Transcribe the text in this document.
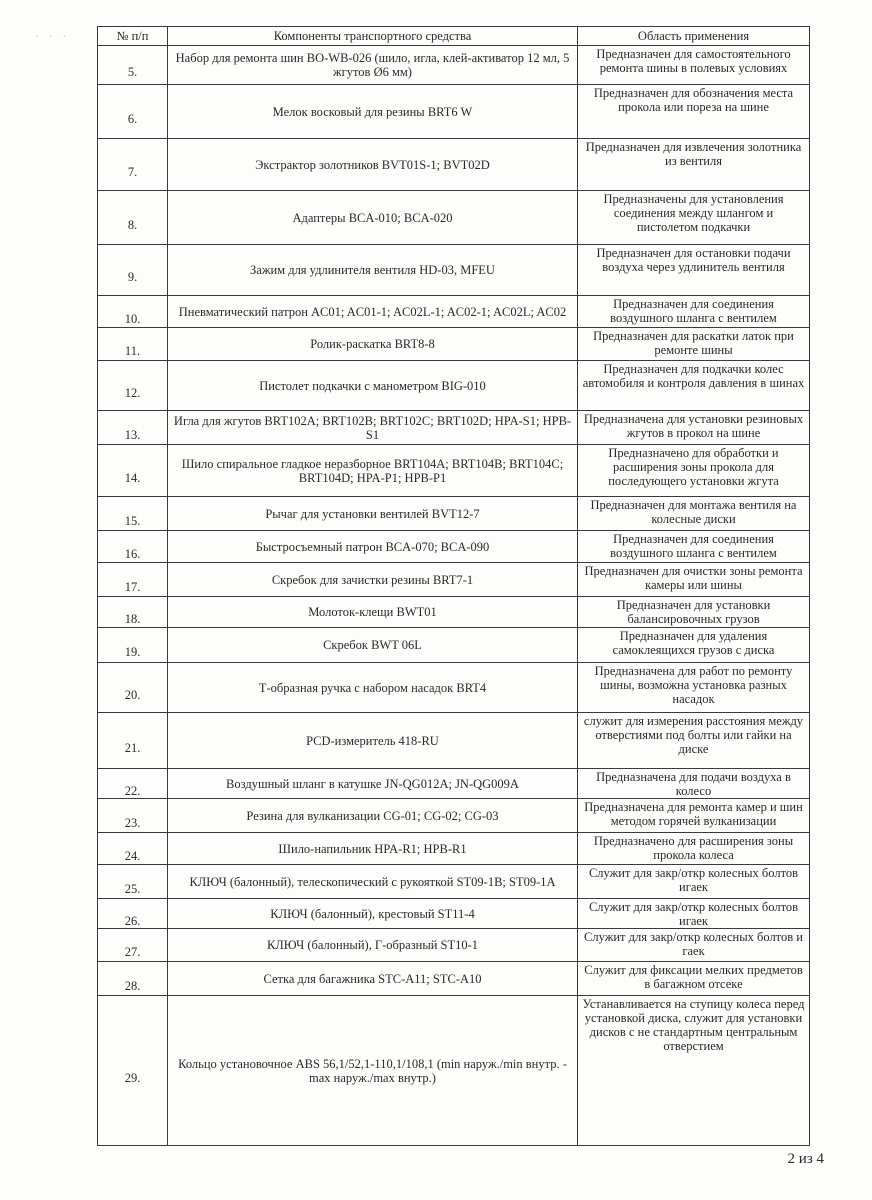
· · ·	№ п/п	Компоненты транспортного средства	Область применения
5.	Набор для ремонта шин BO-WB-026 (шило, игла, клей-активатор 12 мл, 5 жгутов Ø6 мм)	Предназначен для самостоятельного ремонта шины в полевых условиях
6.	Мелок восковый для резины BRT6 W	Предназначен для обозначения места прокола или пореза на шине
7.	Экстрактор золотников BVT01S-1; BVT02D	Предназначен для извлечения золотника из вентиля
8.	Адаптеры BCA-010; BCA-020	Предназначены для установления соединения между шлангом и пистолетом подкачки
9.	Зажим для удлинителя вентиля HD-03, MFEU	Предназначен для остановки подачи воздуха через удлинитель вентиля
10.	Пневматический патрон AC01; AC01-1; AC02L-1; AC02-1; AC02L; AC02	Предназначен для соединения воздушного шланга с вентилем
11.	Ролик-раскатка BRT8-8	Предназначен для раскатки латок при ремонте шины
12.	Пистолет подкачки с манометром BIG-010	Предназначен для подкачки колес автомобиля и контроля давления в шинах
13.	Игла для жгутов BRT102A; BRT102B; BRT102C; BRT102D; HPA-S1; HPB-S1	Предназначена для установки резиновых жгутов в прокол на шине
14.	Шило спиральное гладкое неразборное BRT104A; BRT104B; BRT104C; BRT104D; HPA-P1; HPB-P1	Предназначено для обработки и расширения зоны прокола для последующего установки жгута
15.	Рычаг для установки вентилей BVT12-7	Предназначен для монтажа вентиля на колесные диски
16.	Быстросъемный патрон BCA-070; BCA-090	Предназначен для соединения воздушного шланга с вентилем
17.	Скребок для зачистки резины BRT7-1	Предназначен для очистки зоны ремонта камеры или шины
18.	Молоток-клещи BWT01	Предназначен для установки балансировочных грузов
19.	Скребок BWT 06L	Предназначен для удаления самоклеящихся грузов с диска
20.	Т-образная ручка с набором насадок BRT4	Предназначена для работ по ремонту шины, возможна установка разных насадок
21.	PCD-измеритель 418-RU	служит для измерения расстояния между отверстиями под болты или гайки на диске
22.	Воздушный шланг в катушке JN-QG012A; JN-QG009A	Предназначена для подачи воздуха в колесо
23.	Резина для вулканизации CG-01; CG-02; CG-03	Предназначена для ремонта камер и шин методом горячей вулканизации
24.	Шило-напильник HPA-R1; HPB-R1	Предназначено для расширения зоны прокола колеса
25.	КЛЮЧ (балонный), телескопический с рукояткой ST09-1B; ST09-1A	Служит для закр/откр колесных болтов игаек
26.	КЛЮЧ (балонный), крестовый ST11-4	Служит для закр/откр колесных болтов игаек
27.	КЛЮЧ (балонный), Г-образный ST10-1	Служит для закр/откр колесных болтов и гаек
28.	Сетка для багажника STC-A11; STC-A10	Служит для фиксации мелких предметов в багажном отсеке
29.	Кольцо установочное ABS 56,1/52,1-110,1/108,1 (min наруж./min внутр. - max наруж./max внутр.)	Устанавливается на ступицу колеса перед установкой диска, служит для установки дисков с не стандартным центральным отверстием
2 из 4
